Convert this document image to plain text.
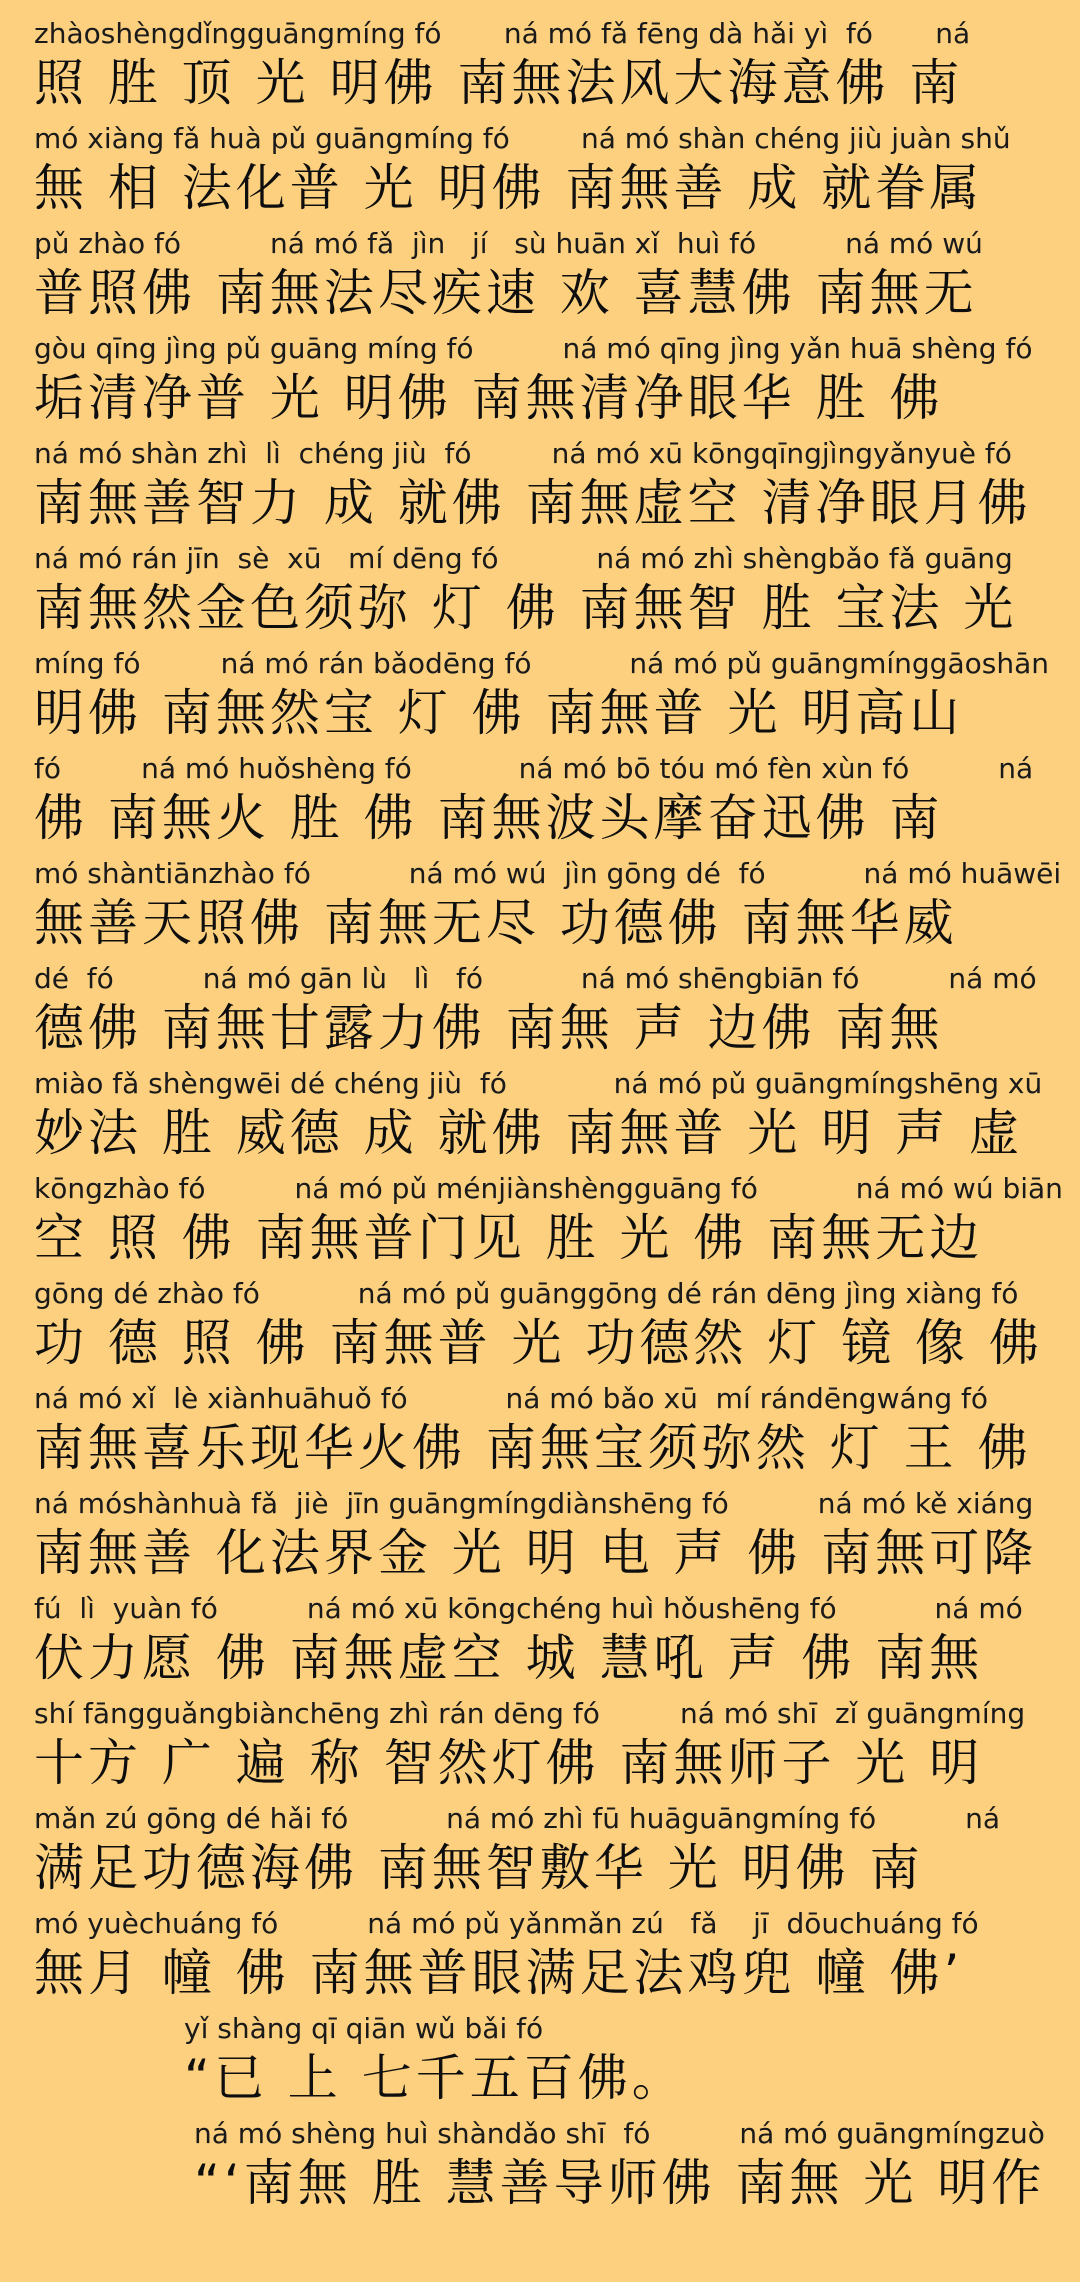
zhàoshèngdǐngguāngmíng fó       ná mó fǎ fēng dà hǎi yì  fó       ná
照 胜 顶 光 明佛 南無法风大海意佛 南
mó xiàng fǎ huà pǔ guāngmíng fó        ná mó shàn chéng jiù juàn shǔ
無 相 法化普 光 明佛 南無善 成 就眷属
pǔ zhào fó          ná mó fǎ  jìn   jí   sù huān xǐ  huì fó          ná mó wú
普照佛 南無法尽疾速 欢 喜慧佛 南無无
gòu qīng jìng pǔ guāng míng fó          ná mó qīng jìng yǎn huā shèng fó
垢清净普 光 明佛 南無清净眼华 胜 佛
ná mó shàn zhì  lì  chéng jiù  fó         ná mó xū kōngqīngjìngyǎnyuè fó
南無善智力 成 就佛 南無虚空 清净眼月佛
ná mó rán jīn  sè  xū   mí dēng fó           ná mó zhì shèngbǎo fǎ guāng
南無然金色须弥 灯 佛 南無智 胜 宝法 光
míng fó         ná mó rán bǎodēng fó           ná mó pǔ guāngmínggāoshān
明佛 南無然宝 灯 佛 南無普 光 明高山
fó         ná mó huǒshèng fó            ná mó bō tóu mó fèn xùn fó          ná
佛 南無火 胜 佛 南無波头摩奋迅佛 南
mó shàntiānzhào fó           ná mó wú  jìn gōng dé  fó           ná mó huāwēi
無善天照佛 南無无尽 功德佛 南無华威
dé  fó          ná mó gān lù   lì   fó           ná mó shēngbiān fó          ná mó
德佛 南無甘露力佛 南無 声 边佛 南無
miào fǎ shèngwēi dé chéng jiù  fó            ná mó pǔ guāngmíngshēng xū
妙法 胜 威德 成 就佛 南無普 光 明 声 虚
kōngzhào fó          ná mó pǔ ménjiànshèngguāng fó           ná mó wú biān
空 照 佛 南無普门见 胜 光 佛 南無无边
gōng dé zhào fó           ná mó pǔ guānggōng dé rán dēng jìng xiàng fó
功 德 照 佛 南無普 光 功德然 灯 镜 像 佛
ná mó xǐ  lè xiànhuāhuǒ fó           ná mó bǎo xū  mí rándēngwáng fó
南無喜乐现华火佛 南無宝须弥然 灯 王 佛
ná móshànhuà fǎ  jiè  jīn guāngmíngdiànshēng fó          ná mó kě xiáng
南無善 化法界金 光 明 电 声 佛 南無可降
fú  lì  yuàn fó          ná mó xū kōngchéng huì hǒushēng fó           ná mó
伏力愿 佛 南無虚空 城 慧吼 声 佛 南無
shí fāngguǎngbiànchēng zhì rán dēng fó         ná mó shī  zǐ guāngmíng
十方 广 遍 称 智然灯佛 南無师子 光 明
mǎn zú gōng dé hǎi fó           ná mó zhì fū huāguāngmíng fó          ná
满足功德海佛 南無智敷华 光 明佛 南
mó yuèchuáng fó          ná mó pǔ yǎnmǎn zú   fǎ    jī  dōuchuáng fó
無月 幢 佛 南無普眼满足法鸡兜 幢 佛’
yǐ shàng qī qiān wǔ bǎi fó
“已 上 七千五百佛。
ná mó shèng huì shàndǎo shī  fó          ná mó guāngmíngzuò
“‘南無 胜 慧善导师佛 南無 光 明作
